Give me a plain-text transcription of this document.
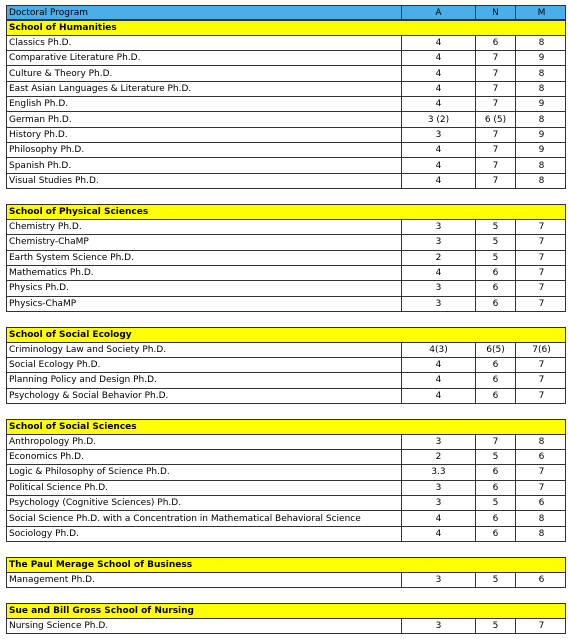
Doctoral Program	A	N	M
School of Humanities
Classics Ph.D.	4	6	8
Comparative Literature Ph.D.	4	7	9
Culture & Theory Ph.D.	4	7	8
East Asian Languages & Literature Ph.D.	4	7	8
English Ph.D.	4	7	9
German Ph.D.	3 (2)	6 (5)	8
History Ph.D.	3	7	9
Philosophy Ph.D.	4	7	9
Spanish Ph.D.	4	7	8
Visual Studies Ph.D.	4	7	8
School of Physical Sciences
Chemistry Ph.D.	3	5	7
Chemistry-ChaMP	3	5	7
Earth System Science Ph.D.	2	5	7
Mathematics Ph.D.	4	6	7
Physics Ph.D.	3	6	7
Physics-ChaMP	3	6	7
School of Social Ecology
Criminology Law and Society Ph.D.	4(3)	6(5)	7(6)
Social Ecology Ph.D.	4	6	7
Planning Policy and Design Ph.D.	4	6	7
Psychology & Social Behavior Ph.D.	4	6	7
School of Social Sciences
Anthropology Ph.D.	3	7	8
Economics Ph.D.	2	5	6
Logic & Philosophy of Science Ph.D.	3.3	6	7
Political Science Ph.D.	3	6	7
Psychology (Cognitive Sciences) Ph.D.	3	5	6
Social Science Ph.D. with a Concentration in Mathematical Behavioral Science	4	6	8
Sociology Ph.D.	4	6	8
The Paul Merage School of Business
Management Ph.D.	3	5	6
Sue and Bill Gross School of Nursing
Nursing Science Ph.D.	3	5	7
